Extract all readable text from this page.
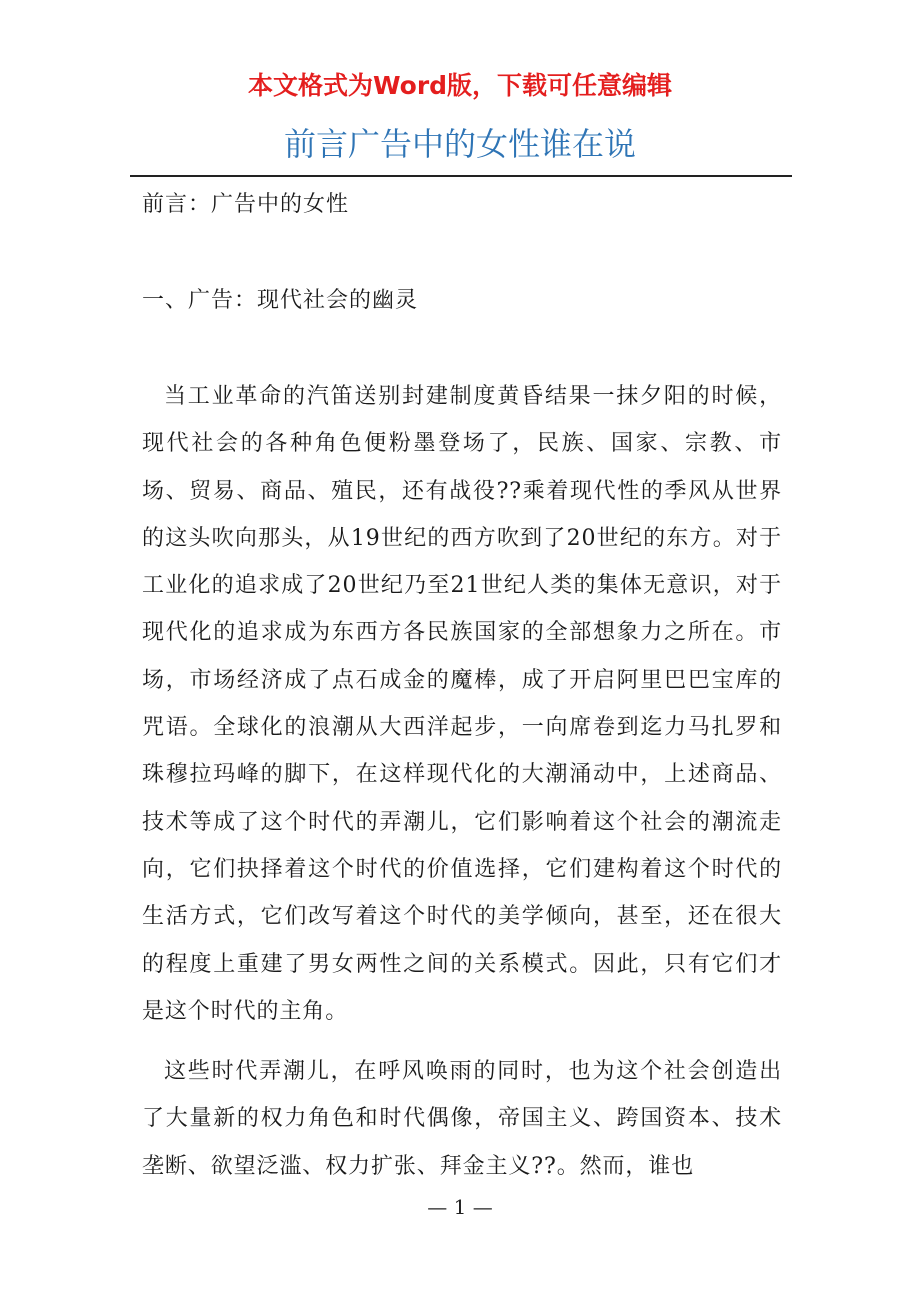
本文格式为Word版，下载可任意编辑
前言广告中的女性谁在说
前言：广告中的女性
一、广告：现代社会的幽灵
当工业革命的汽笛送别封建制度黄昏结果一抹夕阳的时候，现代社会的各种角色便粉墨登场了，民族、国家、宗教、市场、贸易、商品、殖民，还有战役??乘着现代性的季风从世界的这头吹向那头，从19世纪的西方吹到了20世纪的东方。对于工业化的追求成了20世纪乃至21世纪人类的集体无意识，对于现代化的追求成为东西方各民族国家的全部想象力之所在。市场，市场经济成了点石成金的魔棒，成了开启阿里巴巴宝库的咒语。全球化的浪潮从大西洋起步，一向席卷到迄力马扎罗和珠穆拉玛峰的脚下，在这样现代化的大潮涌动中，上述商品、技术等成了这个时代的弄潮儿，它们影响着这个社会的潮流走向，它们抉择着这个时代的价值选择，它们建构着这个时代的生活方式，它们改写着这个时代的美学倾向，甚至，还在很大的程度上重建了男女两性之间的关系模式。因此，只有它们才是这个时代的主角。
这些时代弄潮儿，在呼风唤雨的同时，也为这个社会创造出了大量新的权力角色和时代偶像，帝国主义、跨国资本、技术垄断、欲望泛滥、权力扩张、拜金主义??。然而，谁也
— 1 —
